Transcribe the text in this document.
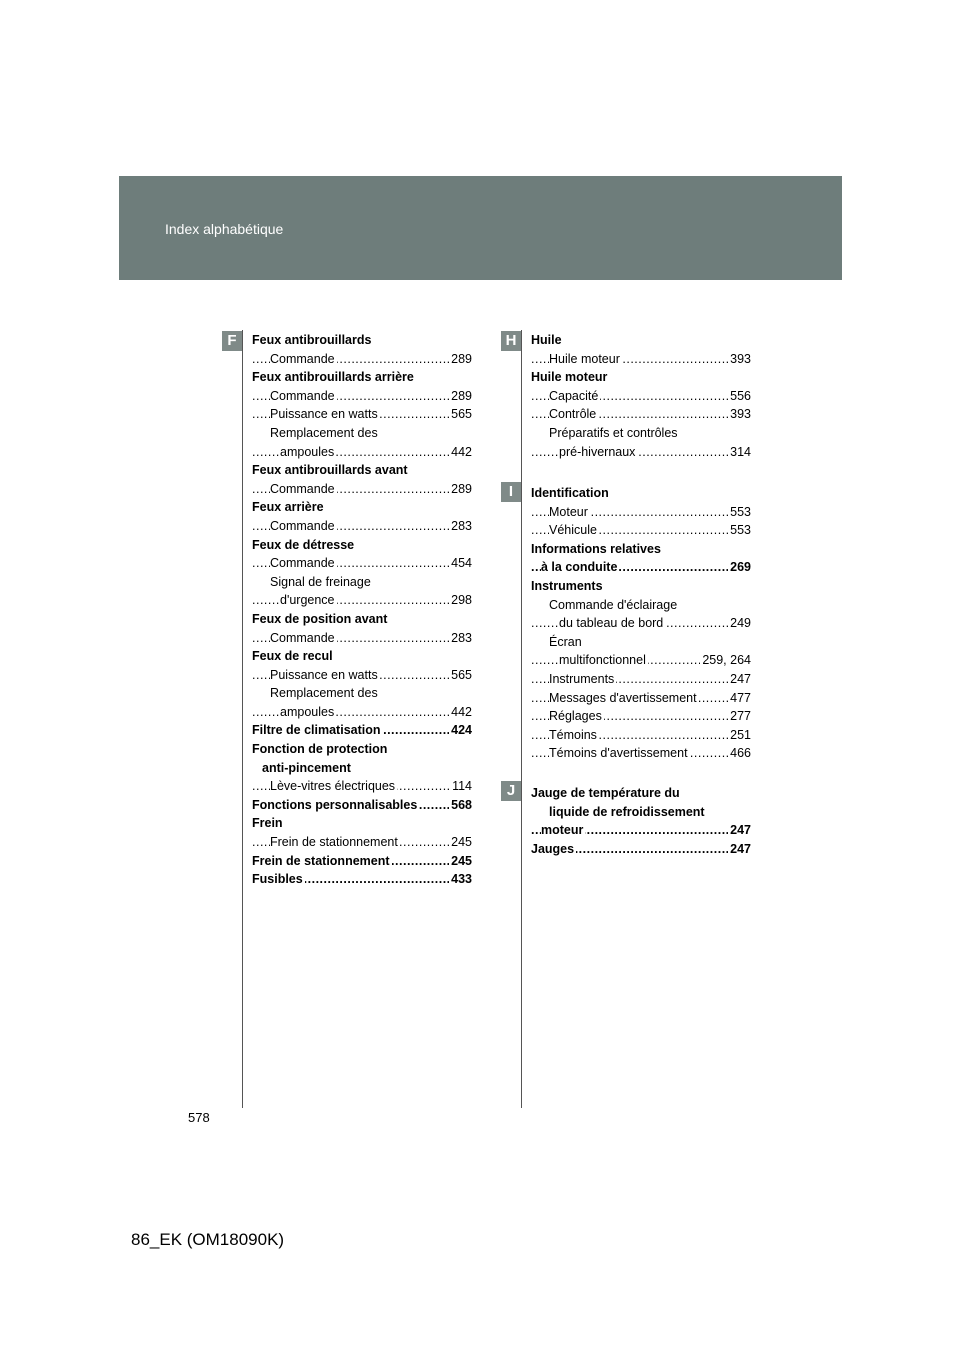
Index alphabétique
F	H
I
J
Feux antibrouillards
.....
Commande	289
Feux antibrouillards arrière
.....
Commande	289
.....
Puissance en watts	565
Remplacement des
.....
ampoules	442
Feux antibrouillards avant
.....
Commande	289
Feux arrière
.....
Commande	283
Feux de détresse
.....
Commande	454
Signal de freinage
.....
d'urgence	298
Feux de position avant
.....
Commande	283
Feux de recul
.....
Puissance en watts	565
Remplacement des
.....
ampoules	442
.....
Filtre de climatisation	424
Fonction de protection
anti-pincement
.....
Lève-vitres électriques	114
.....
Fonctions personnalisables	568
Frein
.....
Frein de stationnement	245
.....
Frein de stationnement	245
.....
Fusibles	433
Huile
.....
Huile moteur	393
Huile moteur
.....
Capacité	556
.....
Contrôle	393
Préparatifs et contrôles
.....
pré-hivernaux	314
Identification
.....
Moteur	553
.....
Véhicule	553
Informations relatives
.....
à la conduite	269
Instruments
Commande d'éclairage
.....
du tableau de bord	249
Écran
.....
multifonctionnel	259, 264
.....
Instruments	247
.....
Messages d'avertissement	477
.....
Réglages	277
.....
Témoins	251
.....
Témoins d'avertissement	466
Jauge de température du
liquide de refroidissement
.....
moteur	247
.....
Jauges	247
578
86_EK (OM18090K)
